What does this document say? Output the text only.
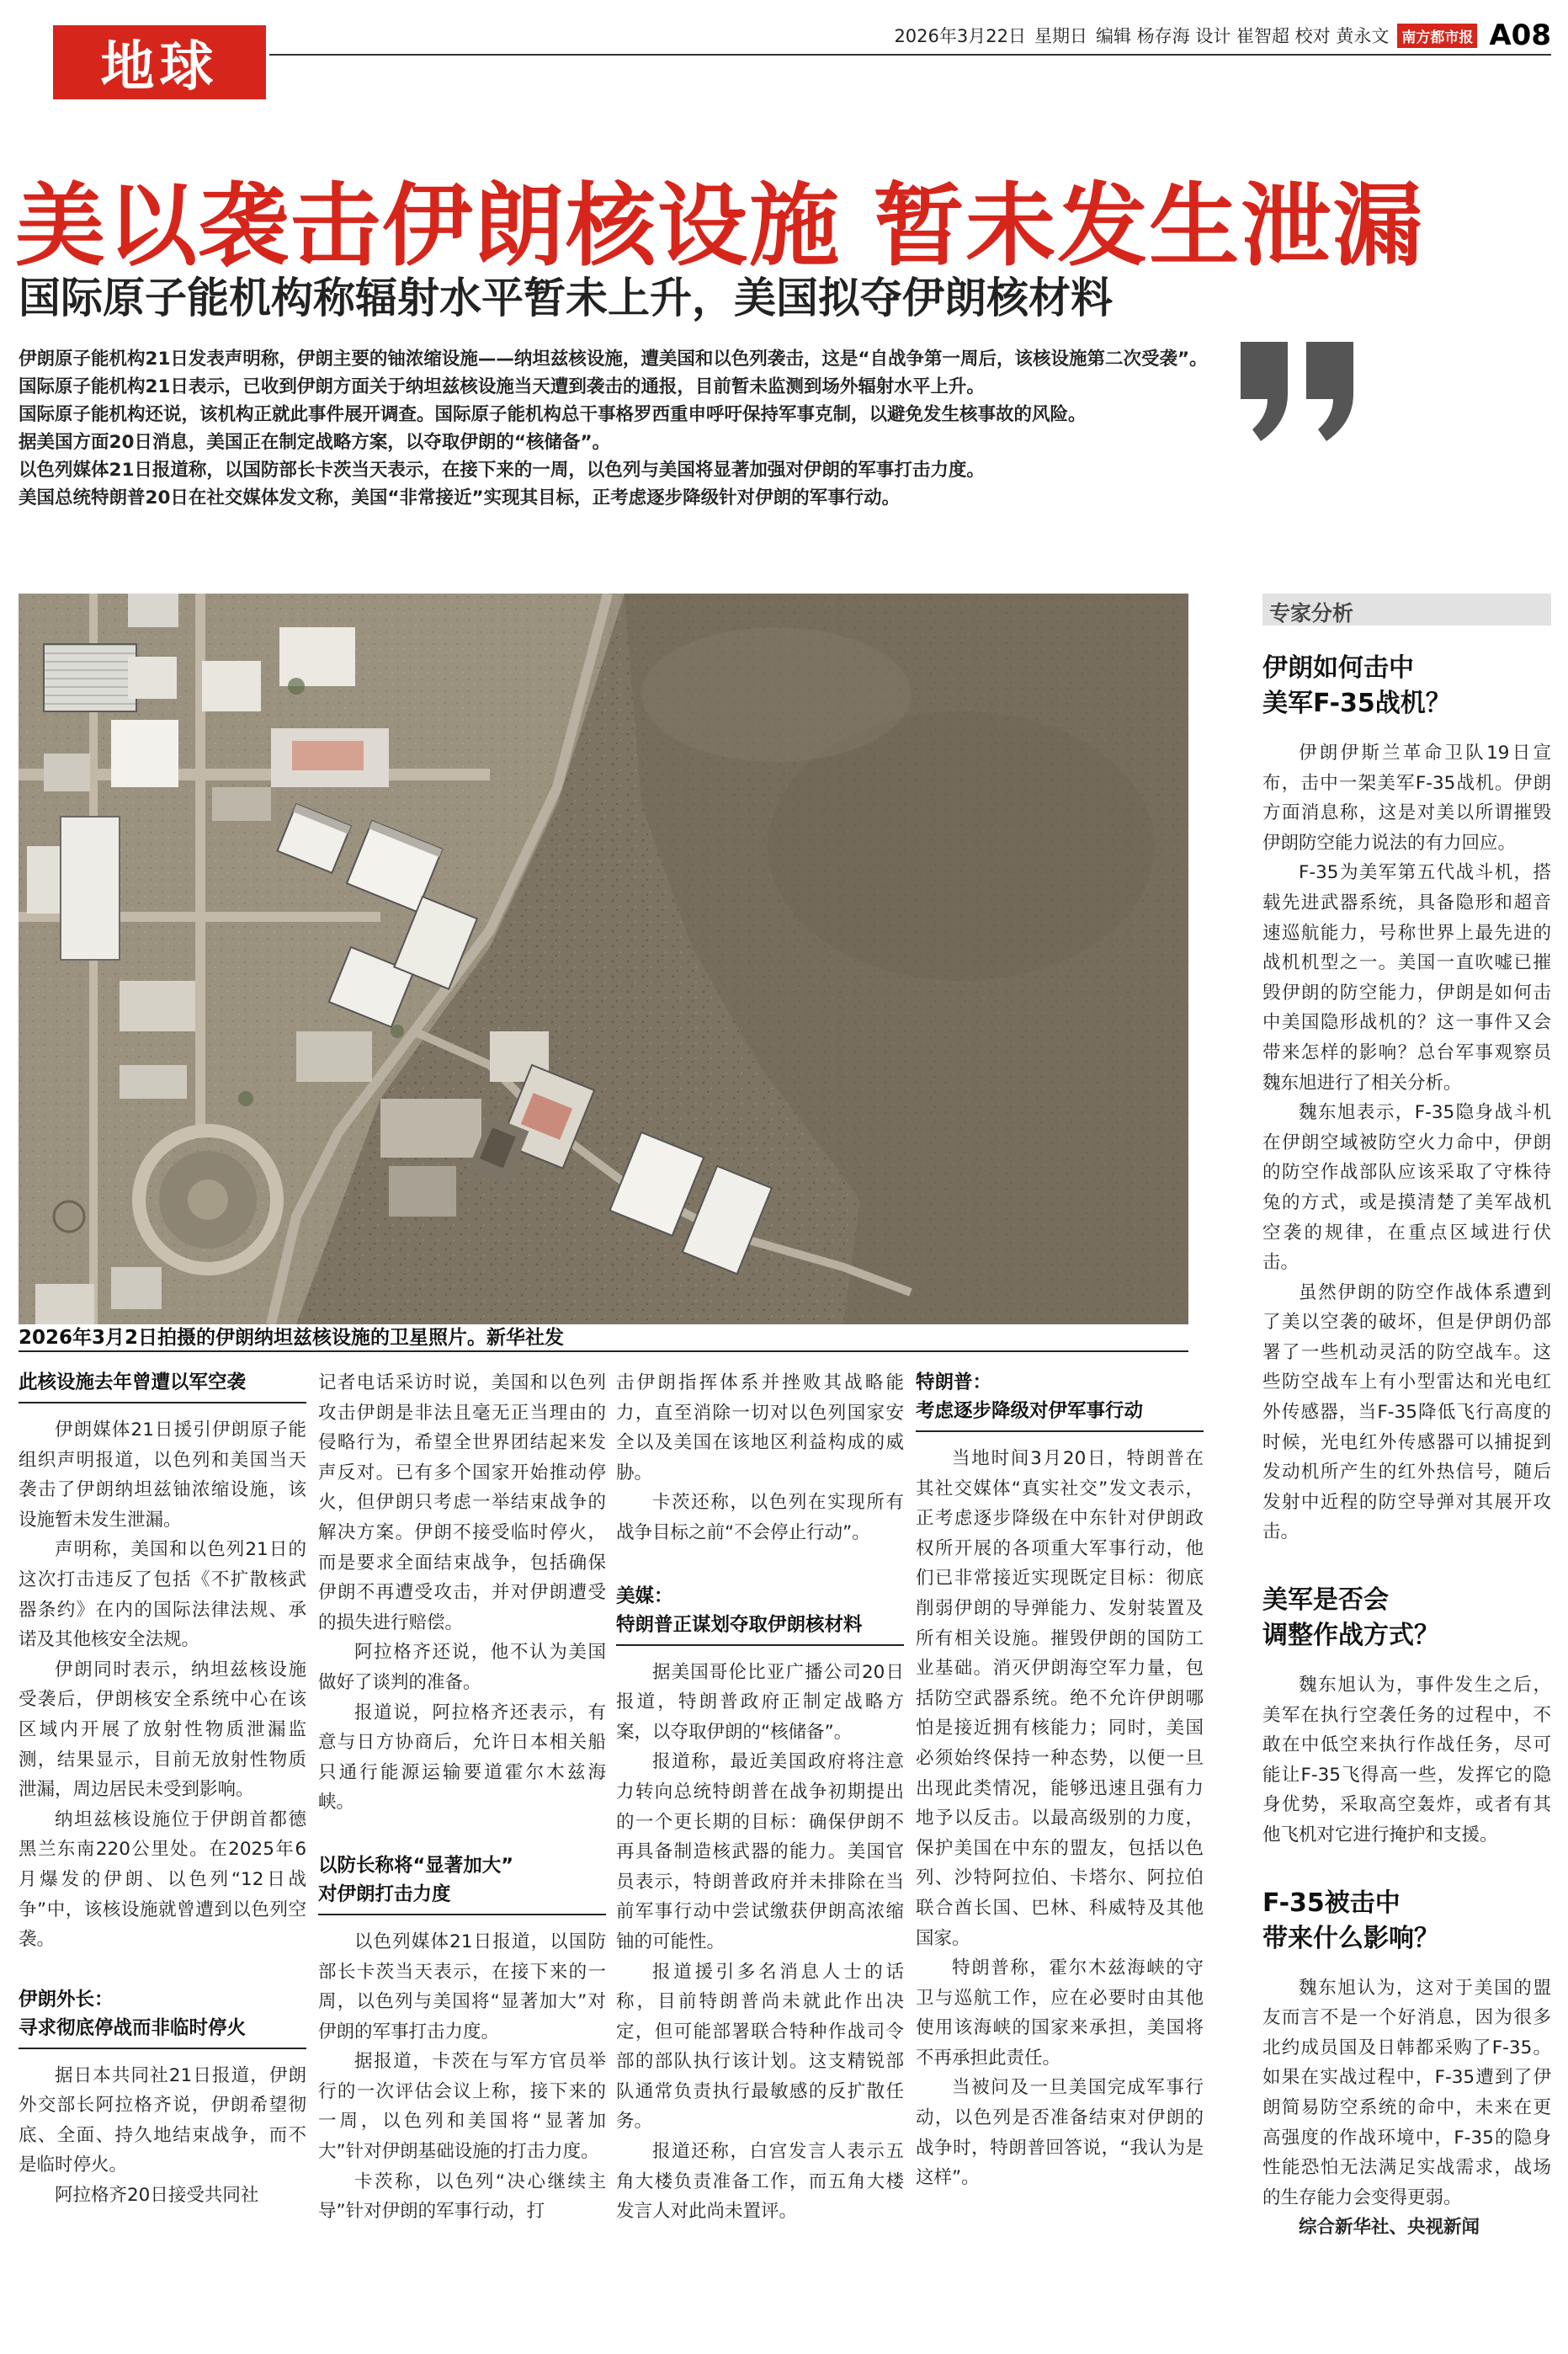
地球	2026年3月22日 星期日 编辑 杨存海 设计 崔智超 校对 黄永文 南方都市报 A08
美以袭击伊朗核设施 暂未发生泄漏
国际原子能机构称辐射水平暂未上升，美国拟夺伊朗核材料

伊朗原子能机构21日发表声明称，伊朗主要的铀浓缩设施——纳坦兹核设施，遭美国和以色列袭击，这是“自战争第一周后，该核设施第二次受袭”。

国际原子能机构21日表示，已收到伊朗方面关于纳坦兹核设施当天遭到袭击的通报，目前暂未监测到场外辐射水平上升。

国际原子能机构还说，该机构正就此事件展开调查。国际原子能机构总干事格罗西重申呼吁保持军事克制，以避免发生核事故的风险。

据美国方面20日消息，美国正在制定战略方案，以夺取伊朗的“核储备”。

以色列媒体21日报道称，以国防部长卡茨当天表示，在接下来的一周，以色列与美国将显著加强对伊朗的军事打击力度。

美国总统特朗普20日在社交媒体发文称，美国“非常接近”实现其目标，正考虑逐步降级针对伊朗的军事行动。

2026年3月2日拍摄的伊朗纳坦兹核设施的卫星照片。新华社发
专家分析
伊朗如何击中
美军F-35战机？

伊朗伊斯兰革命卫队19日宣布，击中一架美军F-35战机。伊朗方面消息称，这是对美以所谓摧毁伊朗防空能力说法的有力回应。

F-35为美军第五代战斗机，搭载先进武器系统，具备隐形和超音速巡航能力，号称世界上最先进的战机机型之一。美国一直吹嘘已摧毁伊朗的防空能力，伊朗是如何击中美国隐形战机的？这一事件又会带来怎样的影响？总台军事观察员魏东旭进行了相关分析。

魏东旭表示，F-35隐身战斗机在伊朗空域被防空火力命中，伊朗的防空作战部队应该采取了守株待兔的方式，或是摸清楚了美军战机空袭的规律，在重点区域进行伏击。

虽然伊朗的防空作战体系遭到了美以空袭的破坏，但是伊朗仍部署了一些机动灵活的防空战车。这些防空战车上有小型雷达和光电红外传感器，当F-35降低飞行高度的时候，光电红外传感器可以捕捉到发动机所产生的红外热信号，随后发射中近程的防空导弹对其展开攻击。

美军是否会
调整作战方式？

魏东旭认为，事件发生之后，美军在执行空袭任务的过程中，不敢在中低空来执行作战任务，尽可能让F-35飞得高一些，发挥它的隐身优势，采取高空轰炸，或者有其他飞机对它进行掩护和支援。

F-35被击中
带来什么影响？

魏东旭认为，这对于美国的盟友而言不是一个好消息，因为很多北约成员国及日韩都采购了F-35。如果在实战过程中，F-35遭到了伊朗简易防空系统的命中，未来在更高强度的作战环境中，F-35的隐身性能恐怕无法满足实战需求，战场的生存能力会变得更弱。

综合新华社、央视新闻

此核设施去年曾遭以军空袭

伊朗媒体21日援引伊朗原子能组织声明报道，以色列和美国当天袭击了伊朗纳坦兹铀浓缩设施，该设施暂未发生泄漏。

声明称，美国和以色列21日的这次打击违反了包括《不扩散核武器条约》在内的国际法律法规、承诺及其他核安全法规。

伊朗同时表示，纳坦兹核设施受袭后，伊朗核安全系统中心在该区域内开展了放射性物质泄漏监测，结果显示，目前无放射性物质泄漏，周边居民未受到影响。

纳坦兹核设施位于伊朗首都德黑兰东南220公里处。在2025年6月爆发的伊朗、以色列“12日战争”中，该核设施就曾遭到以色列空袭。

伊朗外长：
寻求彻底停战而非临时停火

据日本共同社21日报道，伊朗外交部长阿拉格齐说，伊朗希望彻底、全面、持久地结束战争，而不是临时停火。

阿拉格齐20日接受共同社

记者电话采访时说，美国和以色列攻击伊朗是非法且毫无正当理由的侵略行为，希望全世界团结起来发声反对。已有多个国家开始推动停火，但伊朗只考虑一举结束战争的解决方案。伊朗不接受临时停火，而是要求全面结束战争，包括确保伊朗不再遭受攻击，并对伊朗遭受的损失进行赔偿。

阿拉格齐还说，他不认为美国做好了谈判的准备。

报道说，阿拉格齐还表示，有意与日方协商后，允许日本相关船只通行能源运输要道霍尔木兹海峡。

以防长称将“显著加大”
对伊朗打击力度

以色列媒体21日报道，以国防部长卡茨当天表示，在接下来的一周，以色列与美国将“显著加大”对伊朗的军事打击力度。

据报道，卡茨在与军方官员举行的一次评估会议上称，接下来的一周，以色列和美国将“显著加大”针对伊朗基础设施的打击力度。

卡茨称，以色列“决心继续主导”针对伊朗的军事行动，打

击伊朗指挥体系并挫败其战略能力，直至消除一切对以色列国家安全以及美国在该地区利益构成的威胁。

卡茨还称，以色列在实现所有战争目标之前“不会停止行动”。

美媒：
特朗普正谋划夺取伊朗核材料

据美国哥伦比亚广播公司20日报道，特朗普政府正制定战略方案，以夺取伊朗的“核储备”。

报道称，最近美国政府将注意力转向总统特朗普在战争初期提出的一个更长期的目标：确保伊朗不再具备制造核武器的能力。美国官员表示，特朗普政府并未排除在当前军事行动中尝试缴获伊朗高浓缩铀的可能性。

报道援引多名消息人士的话称，目前特朗普尚未就此作出决定，但可能部署联合特种作战司令部的部队执行该计划。这支精锐部队通常负责执行最敏感的反扩散任务。

报道还称，白宫发言人表示五角大楼负责准备工作，而五角大楼发言人对此尚未置评。

特朗普：
考虑逐步降级对伊军事行动

当地时间3月20日，特朗普在其社交媒体“真实社交”发文表示，正考虑逐步降级在中东针对伊朗政权所开展的各项重大军事行动，他们已非常接近实现既定目标：彻底削弱伊朗的导弹能力、发射装置及所有相关设施。摧毁伊朗的国防工业基础。消灭伊朗海空军力量，包括防空武器系统。绝不允许伊朗哪怕是接近拥有核能力；同时，美国必须始终保持一种态势，以便一旦出现此类情况，能够迅速且强有力地予以反击。以最高级别的力度，保护美国在中东的盟友，包括以色列、沙特阿拉伯、卡塔尔、阿拉伯联合酋长国、巴林、科威特及其他国家。

特朗普称，霍尔木兹海峡的守卫与巡航工作，应在必要时由其他使用该海峡的国家来承担，美国将不再承担此责任。

当被问及一旦美国完成军事行动，以色列是否准备结束对伊朗的战争时，特朗普回答说，“我认为是这样”。
